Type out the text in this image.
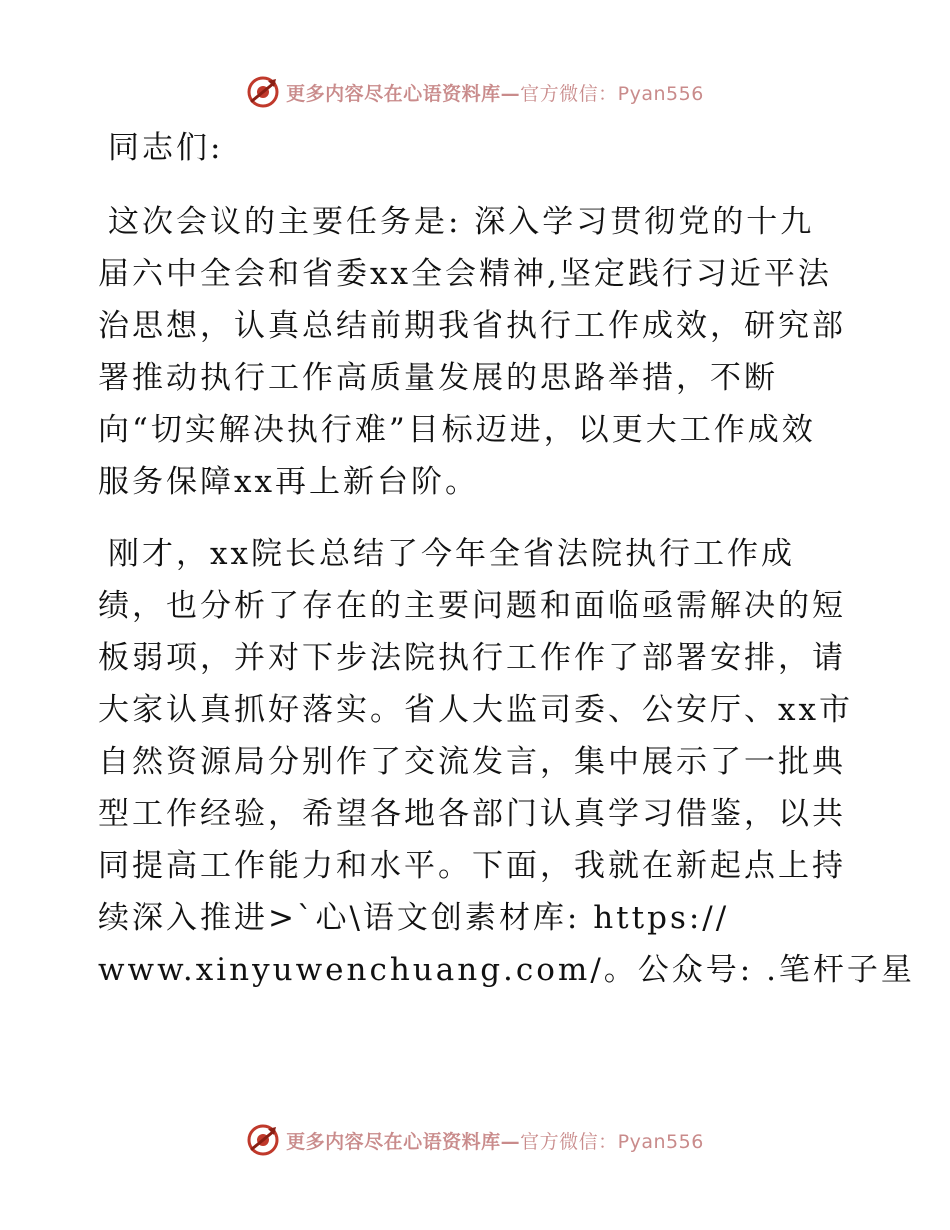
更多内容尽在心语资料库—官方微信：Pyan556

同志们:

这次会议的主要任务是: 深入学习贯彻党的十九
届六中全会和省委xx全会精神,坚定践行习近平法
治思想，认真总结前期我省执行工作成效，研究部
署推动执行工作高质量发展的思路举措，不断
向“切实解决执行难”目标迈进，以更大工作成效
服务保障xx再上新台阶。
刚才，xx院长总结了今年全省法院执行工作成
绩，也分析了存在的主要问题和面临亟需解决的短
板弱项，并对下步法院执行工作作了部署安排，请
大家认真抓好落实。省人大监司委、公安厅、xx市
自然资源局分别作了交流发言，集中展示了一批典
型工作经验，希望各地各部门认真学习借鉴，以共
同提高工作能力和水平。下面，我就在新起点上持
续深入推进>`心\语文创素材库: https://
www.xinyuwenchuang.com/。公众号: .笔杆子星
更多内容尽在心语资料库—官方微信：Pyan556
